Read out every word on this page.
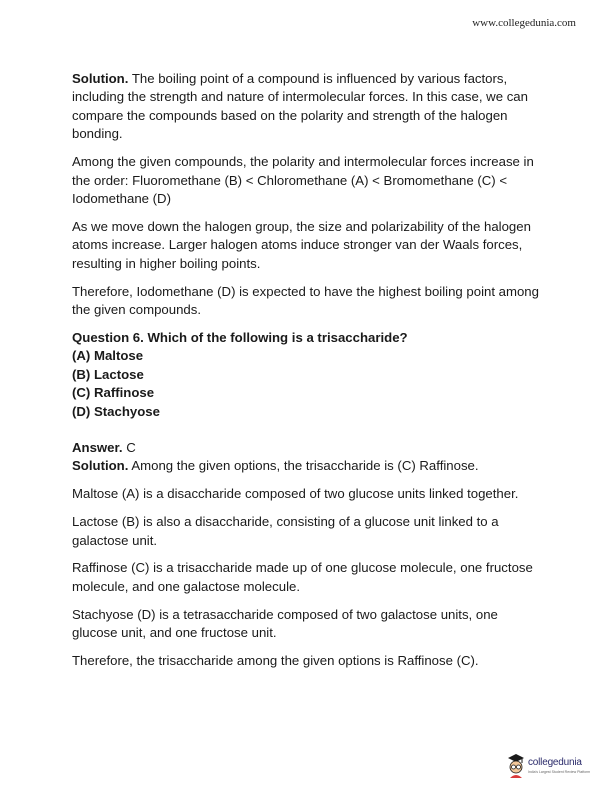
www.collegedunia.com

Solution. The boiling point of a compound is influenced by various factors, including the strength and nature of intermolecular forces. In this case, we can compare the compounds based on the polarity and strength of the halogen bonding.

Among the given compounds, the polarity and intermolecular forces increase in the order: Fluoromethane (B) < Chloromethane (A) < Bromomethane (C) < Iodomethane (D)

As we move down the halogen group, the size and polarizability of the halogen atoms increase. Larger halogen atoms induce stronger van der Waals forces, resulting in higher boiling points.

Therefore, Iodomethane (D) is expected to have the highest boiling point among the given compounds.

Question 6. Which of the following is a trisaccharide?
(A) Maltose
(B) Lactose
(C) Raffinose
(D) Stachyose
Answer. C

Solution. Among the given options, the trisaccharide is (C) Raffinose.

Maltose (A) is a disaccharide composed of two glucose units linked together.

Lactose (B) is also a disaccharide, consisting of a glucose unit linked to a galactose unit.

Raffinose (C) is a trisaccharide made up of one glucose molecule, one fructose molecule, and one galactose molecule.

Stachyose (D) is a tetrasaccharide composed of two galactose units, one glucose unit, and one fructose unit.

Therefore, the trisaccharide among the given options is Raffinose (C).

collegedunia
India's Largest Student Review Platform
